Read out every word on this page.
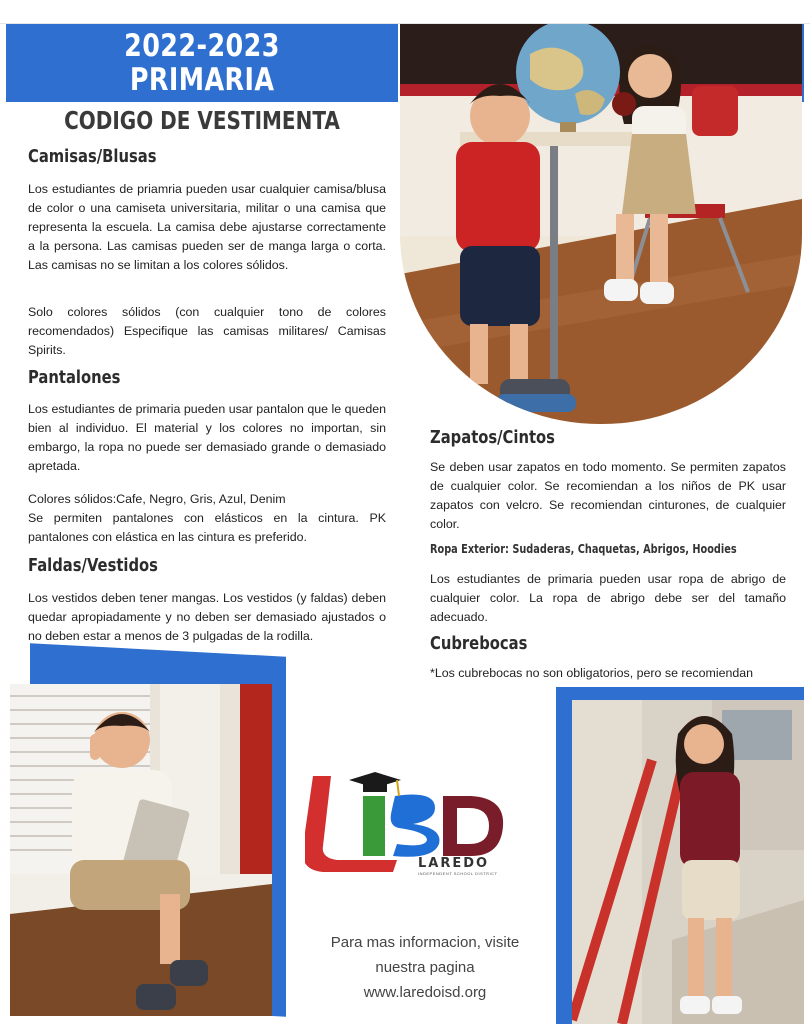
2022-2023
PRIMARIA
CODIGO DE VESTIMENTA
Camisas/Blusas
Los estudiantes de priamria pueden usar cualquier camisa/blusa de color o una camiseta universitaria, militar o una camisa que representa la escuela. La camisa debe ajustarse correctamente a la persona. Las camisas pueden ser de manga larga o corta. Las camisas no se limitan a los colores sólidos.
Solo colores sólidos (con cualquier tono de colores recomendados) Especifique las camisas militares/ Camisas Spirits.
Pantalones
Los estudiantes de primaria pueden usar pantalon que le queden bien al individuo. El material y los colores no importan, sin embargo, la ropa no puede ser demasiado grande o demasiado apretada.
Colores sólidos:Cafe, Negro, Gris, Azul, Denim
Se permiten pantalones con elásticos en la cintura. PK pantalones con elástica en las cintura es preferido.
Faldas/Vestidos
Los vestidos deben tener mangas. Los vestidos (y faldas) deben quedar apropiadamente y no deben ser demasiado ajustados o no deben estar a menos de 3 pulgadas de la rodilla.
Zapatos/Cintos
Se deben usar zapatos en todo momento. Se permiten zapatos de cualquier color. Se recomiendan a los niños de PK usar zapatos con velcro. Se recomiendan cinturones, de cualquier color.
Ropa Exterior: Sudaderas, Chaquetas, Abrigos, Hoodies
Los estudiantes de primaria pueden usar ropa de abrigo de cualquier color. La ropa de abrigo debe ser del tamaño adecuado.
Cubrebocas
*Los cubrebocas no son obligatorios, pero se recomiendan
LAREDO
INDEPENDENT SCHOOL DISTRICT
Para mas informacion, visite
nuestra pagina
www.laredoisd.org
